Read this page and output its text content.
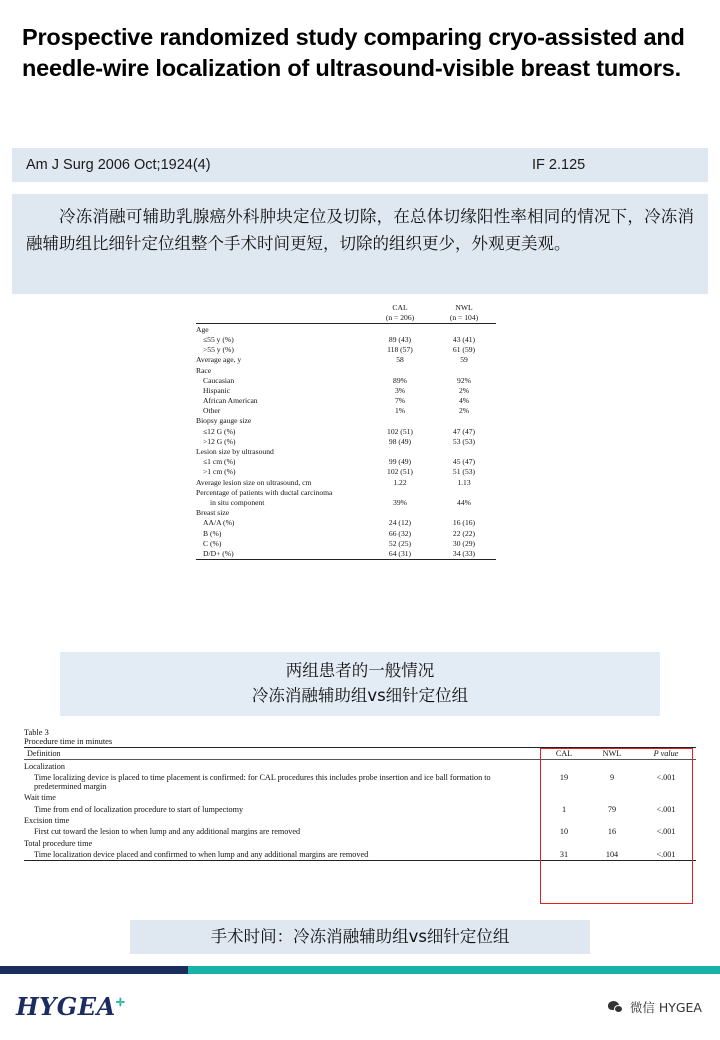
Prospective randomized study comparing cryo-assisted and needle-wire localization of ultrasound-visible breast tumors.
Am J Surg 2006 Oct;1924(4)	IF 2.125
冷冻消融可辅助乳腺癌外科肿块定位及切除，在总体切缘阳性率相同的情况下，冷冻消融辅助组比细针定位组整个手术时间更短，切除的组织更少，外观更美观。
	CAL	NWL
	(n = 206)	(n = 104)
Age		
≤55 y (%)	89 (43)	43 (41)
>55 y (%)	118 (57)	61 (59)
Average age, y	58	59
Race		
Caucasian	89%	92%
Hispanic	3%	2%
African American	7%	4%
Other	1%	2%
Biopsy gauge size		
≤12 G (%)	102 (51)	47 (47)
>12 G (%)	98 (49)	53 (53)
Lesion size by ultrasound		
≤1 cm (%)	99 (49)	45 (47)
>1 cm (%)	102 (51)	51 (53)
Average lesion size on ultrasound, cm	1.22	1.13
Percentage of patients with ductal carcinoma		
in situ component	39%	44%
Breast size		
AA/A (%)	24 (12)	16 (16)
B (%)	66 (32)	22 (22)
C (%)	52 (25)	30 (29)
D/D+ (%)	64 (31)	34 (33)
两组患者的一般情况
冷冻消融辅助组vs细针定位组
Table 3
Procedure time in minutes
Definition	CAL	NWL	P value
Localization			
Time localizing device is placed to time placement is confirmed: for CAL procedures this includes probe insertion and ice ball formation to predetermined margin	19	9	<.001
Wait time			
Time from end of localization procedure to start of lumpectomy	1	79	<.001
Excision time			
First cut toward the lesion to when lump and any additional margins are removed	10	16	<.001
Total procedure time			
Time localization device placed and confirmed to when lump and any additional margins are removed	31	104	<.001
手术时间：冷冻消融辅助组vs细针定位组
HYGEA✛	微信 HYGEA
